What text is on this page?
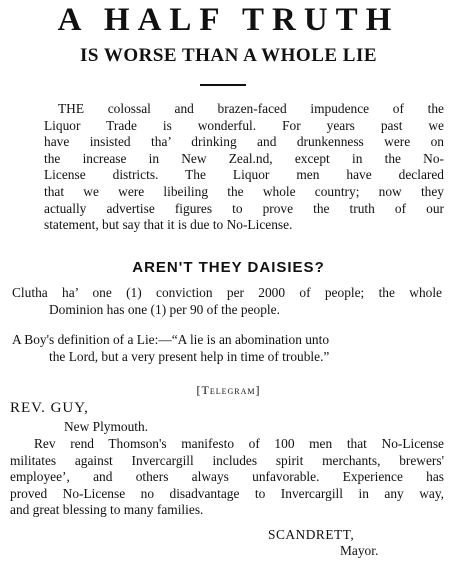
A HALF TRUTH
IS WORSE THAN A WHOLE LIE

THE colossal and brazen-faced impudence of the
Liquor Trade is wonderful. For years past we
have insisted tha’ drinking and drunkenness were on
the increase in New Zeal.nd, except in the No-
License districts. The Liquor men have declared
that we were libeiling the whole country; now they
actually advertise figures to prove the truth of our
statement, but say that it is due to No-License.

AREN'T THEY DAISIES?

Clutha ha’ one (1) conviction per 2000 of people; the whole
Dominion has one (1) per 90 of the people.

A Boy's definition of a Lie:—“A lie is an abomination unto
the Lord, but a very present help in time of trouble.”

[Telegram]
REV. GUY,
New Plymouth.

Rev rend Thomson's manifesto of 100 men that No-License
militates against Invercargill includes spirit merchants, brewers'
employee’, and others always unfavorable. Experience has
proved No-License no disadvantage to Invercargill in any way,
and great blessing to many families.

SCANDRETT,
Mayor.
